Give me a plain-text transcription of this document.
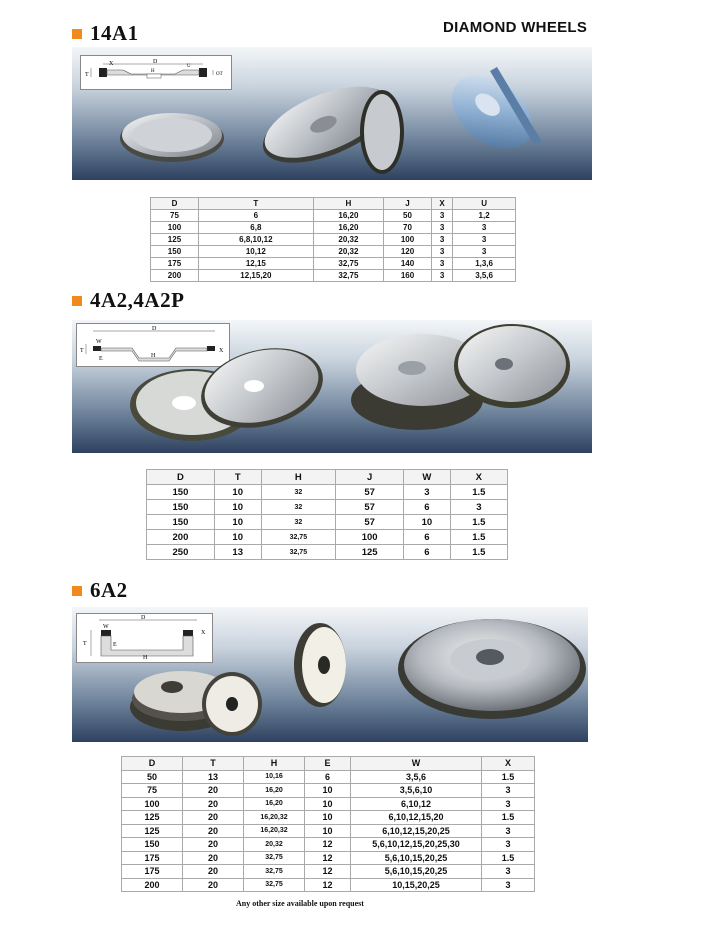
14A1	DIAMOND WHEELS
T
X	D
H
U
OT
D	T	H	J	X	U
75	6	16,20	50	3	1,2
100	6,8	16,20	70	3	3
125	6,8,10,12	20,32	100	3	3
150	10,12	20,32	120	3	3
175	12,15	32,75	140	3	1,3,6
200	12,15,20	32,75	160	3	3,5,6
4A2,4A2P
D
W
T
E	H
X
D	T	H	J	W	X
150	10	32	57	3	1.5
150	10	32	57	6	3
150	10	32	57	10	1.5
200	10	32,75	100	6	1.5
250	13	32,75	125	6	1.5
6A2
D
W
T	E
H
X
D	T	H	E	W	X
50	13	10,16	6	3,5,6	1.5
75	20	16,20	10	3,5,6,10	3
100	20	16,20	10	6,10,12	3
125	20	16,20,32	10	6,10,12,15,20	1.5
125	20	16,20,32	10	6,10,12,15,20,25	3
150	20	20,32	12	5,6,10,12,15,20,25,30	3
175	20	32,75	12	5,6,10,15,20,25	1.5
175	20	32,75	12	5,6,10,15,20,25	3
200	20	32,75	12	10,15,20,25	3
Any other size available upon request
